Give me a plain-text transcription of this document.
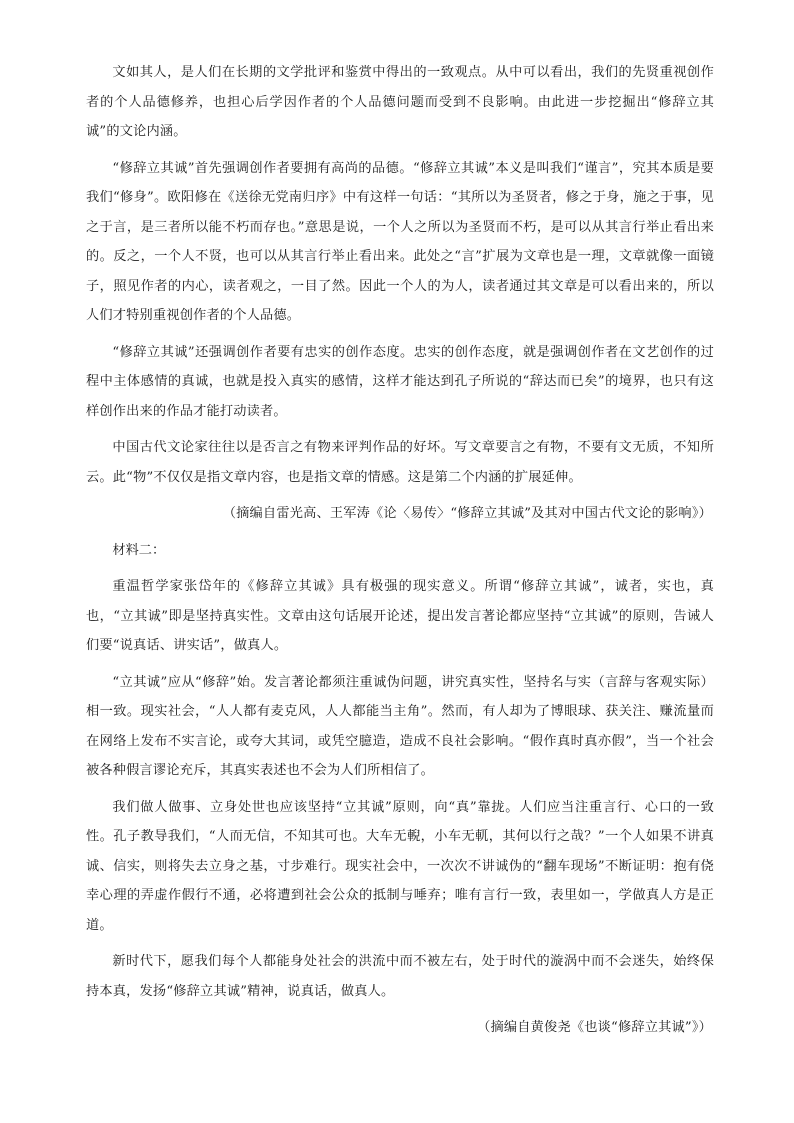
文如其人，是人们在长期的文学批评和鉴赏中得出的一致观点。从中可以看出，我们的先贤重视创作者的个人品德修养，也担心后学因作者的个人品德问题而受到不良影响。由此进一步挖掘出“修辞立其诚”的文论内涵。

“修辞立其诚”首先强调创作者要拥有高尚的品德。“修辞立其诚”本义是叫我们“谨言”，究其本质是要我们“修身”。欧阳修在《送徐无党南归序》中有这样一句话：“其所以为圣贤者，修之于身，施之于事，见之于言，是三者所以能不朽而存也。”意思是说，一个人之所以为圣贤而不朽，是可以从其言行举止看出来的。反之，一个人不贤，也可以从其言行举止看出来。此处之“言”扩展为文章也是一理，文章就像一面镜子，照见作者的内心，读者观之，一目了然。因此一个人的为人，读者通过其文章是可以看出来的，所以人们才特别重视创作者的个人品德。

“修辞立其诚”还强调创作者要有忠实的创作态度。忠实的创作态度，就是强调创作者在文艺创作的过程中主体感情的真诚，也就是投入真实的感情，这样才能达到孔子所说的“辞达而已矣”的境界，也只有这样创作出来的作品才能打动读者。

中国古代文论家往往以是否言之有物来评判作品的好坏。写文章要言之有物，不要有文无质，不知所云。此“物”不仅仅是指文章内容，也是指文章的情感。这是第二个内涵的扩展延伸。

（摘编自雷光高、王军涛《论〈易传〉“修辞立其诚”及其对中国古代文论的影响》）

材料二：

重温哲学家张岱年的《修辞立其诚》具有极强的现实意义。所谓“修辞立其诚”，诚者，实也，真也，“立其诚”即是坚持真实性。文章由这句话展开论述，提出发言著论都应坚持“立其诚”的原则，告诫人们要“说真话、讲实话”，做真人。

“立其诚”应从“修辞”始。发言著论都须注重诚伪问题，讲究真实性，坚持名与实（言辞与客观实际）相一致。现实社会，“人人都有麦克风，人人都能当主角”。然而，有人却为了博眼球、获关注、赚流量而在网络上发布不实言论，或夸大其词，或凭空臆造，造成不良社会影响。“假作真时真亦假”，当一个社会被各种假言谬论充斥，其真实表述也不会为人们所相信了。

我们做人做事、立身处世也应该坚持“立其诚”原则，向“真”靠拢。人们应当注重言行、心口的一致性。孔子教导我们，“人而无信，不知其可也。大车无輗，小车无軏，其何以行之哉？”一个人如果不讲真诚、信实，则将失去立身之基，寸步难行。现实社会中，一次次不讲诚伪的“翻车现场”不断证明：抱有侥幸心理的弄虚作假行不通，必将遭到社会公众的抵制与唾弃；唯有言行一致，表里如一，学做真人方是正道。

新时代下，愿我们每个人都能身处社会的洪流中而不被左右，处于时代的漩涡中而不会迷失，始终保持本真，发扬“修辞立其诚”精神，说真话，做真人。

（摘编自黄俊尧《也谈“修辞立其诚”》）
